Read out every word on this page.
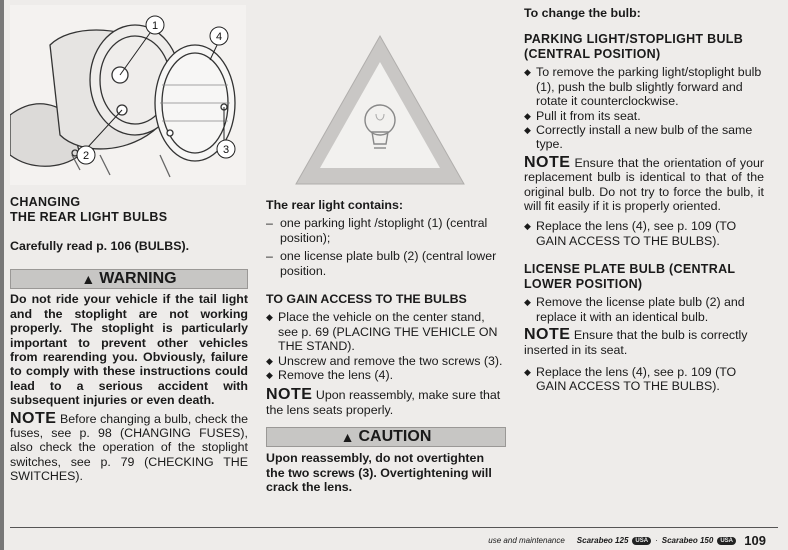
1
2	3
4
CHANGING
THE REAR LIGHT BULBS
Carefully read p. 106 (BULBS).
▲ WARNING
Do not ride your vehicle if the tail light and the stoplight are not working properly. The stoplight is particularly important to prevent other vehicles from rearending you. Obviously, failure to comply with these instructions could lead to a serious accident with subsequent injuries or even death.
NOTE Before changing a bulb, check the fuses, see p. 98 (CHANGING FUSES), also check the operation of the stoplight switches, see p. 79 (CHECKING THE SWITCHES).
The rear light contains:
– one parking light /stoplight (1) (central position);
– one license plate bulb (2) (central lower position.
TO GAIN ACCESS TO THE BULBS
◆ Place the vehicle on the center stand, see p. 69 (PLACING THE VEHICLE ON THE STAND).
◆ Unscrew and remove the two screws (3).
◆ Remove the lens (4).
NOTE Upon reassembly, make sure that the lens seats properly.
▲ CAUTION
Upon reassembly, do not overtighten the two screws (3). Overtightening will crack the lens.
To change the bulb:
PARKING LIGHT/STOPLIGHT BULB (CENTRAL POSITION)
◆ To remove the parking light/stoplight bulb (1), push the bulb slightly forward and rotate it counterclockwise.
◆ Pull it from its seat.
◆ Correctly install a new bulb of the same type.
NOTE Ensure that the orientation of your replacement bulb is identical to that of the original bulb. Do not try to force the bulb, it will fit easily if it is properly oriented.
◆ Replace the lens (4), see p. 109 (TO GAIN ACCESS TO THE BULBS).
LICENSE PLATE BULB (CENTRAL LOWER POSITION)
◆ Remove the license plate bulb (2) and replace it with an identical bulb.
NOTE Ensure that the bulb is correctly inserted in its seat.
◆ Replace the lens (4), see p. 109 (TO GAIN ACCESS TO THE BULBS).
use and maintenance Scarabeo 125	USA · Scarabeo 150	USA 109
